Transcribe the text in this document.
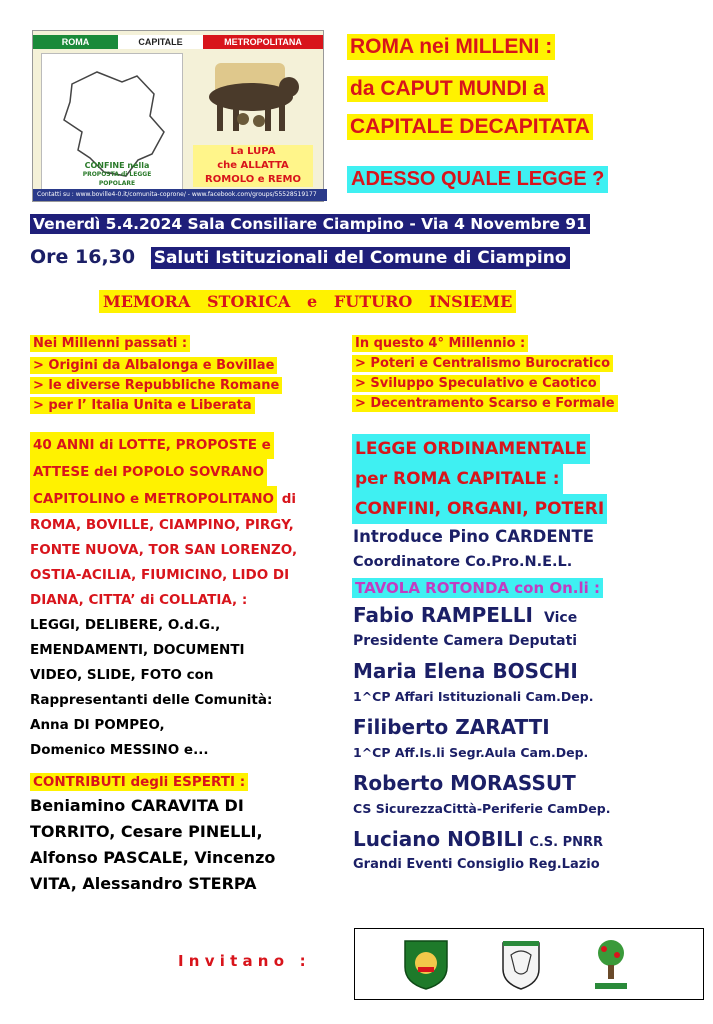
ROMA	CAPITALE	METROPOLITANA
CONFINE nella
PROPOSTA di LEGGE POPOLARE
La LUPA
che ALLATTA
ROMOLO e REMO
Contatti su : www.boville4-0.it/comunita-coprone/ - www.facebook.com/groups/55528519177
ROMA nei MILLENI :
da CAPUT MUNDI a
CAPITALE DECAPITATA
ADESSO QUALE LEGGE ?
Venerdì 5.4.2024 Sala Consiliare Ciampino - Via 4 Novembre 91
Ore 16,30 Saluti Istituzionali del Comune di Ciampino
MEMORA   STORICA   e   FUTURO   INSIEME
Nei Millenni passati :
> Origini da Albalonga e Bovillae
> le diverse Repubbliche Romane
> per l’ Italia Unita e Liberata
40 ANNI di LOTTE, PROPOSTE e
ATTESE del POPOLO SOVRANO
CAPITOLINO e METROPOLITANO di
ROMA, BOVILLE, CIAMPINO, PIRGY,
FONTE NUOVA, TOR SAN LORENZO,
OSTIA-ACILIA, FIUMICINO, LIDO DI
DIANA, CITTA’ di COLLATIA, :
LEGGI, DELIBERE, O.d.G.,
EMENDAMENTI, DOCUMENTI
VIDEO, SLIDE, FOTO con
Rappresentanti delle Comunità:
Anna DI POMPEO,
Domenico MESSINO e...
CONTRIBUTI degli ESPERTI :
Beniamino CARAVITA DI
TORRITO, Cesare PINELLI,
Alfonso PASCALE, Vincenzo
VITA, Alessandro STERPA
In questo 4° Millennio :
> Poteri e Centralismo Burocratico
> Sviluppo Speculativo e Caotico
> Decentramento Scarso e Formale
LEGGE ORDINAMENTALE
per ROMA CAPITALE :
CONFINI, ORGANI, POTERI
Introduce Pino CARDENTE
Coordinatore Co.Pro.N.E.L.
TAVOLA ROTONDA con On.li :
Fabio RAMPELLI Vice
Presidente Camera Deputati
Maria Elena BOSCHI
1^CP Affari Istituzionali Cam.Dep.
Filiberto ZARATTI
1^CP Aff.Is.li Segr.Aula Cam.Dep.
Roberto MORASSUT
CS SicurezzaCittà-Periferie CamDep.
Luciano NOBILI C.S. PNRR
Grandi Eventi Consiglio Reg.Lazio
I n v i t a n o   :
